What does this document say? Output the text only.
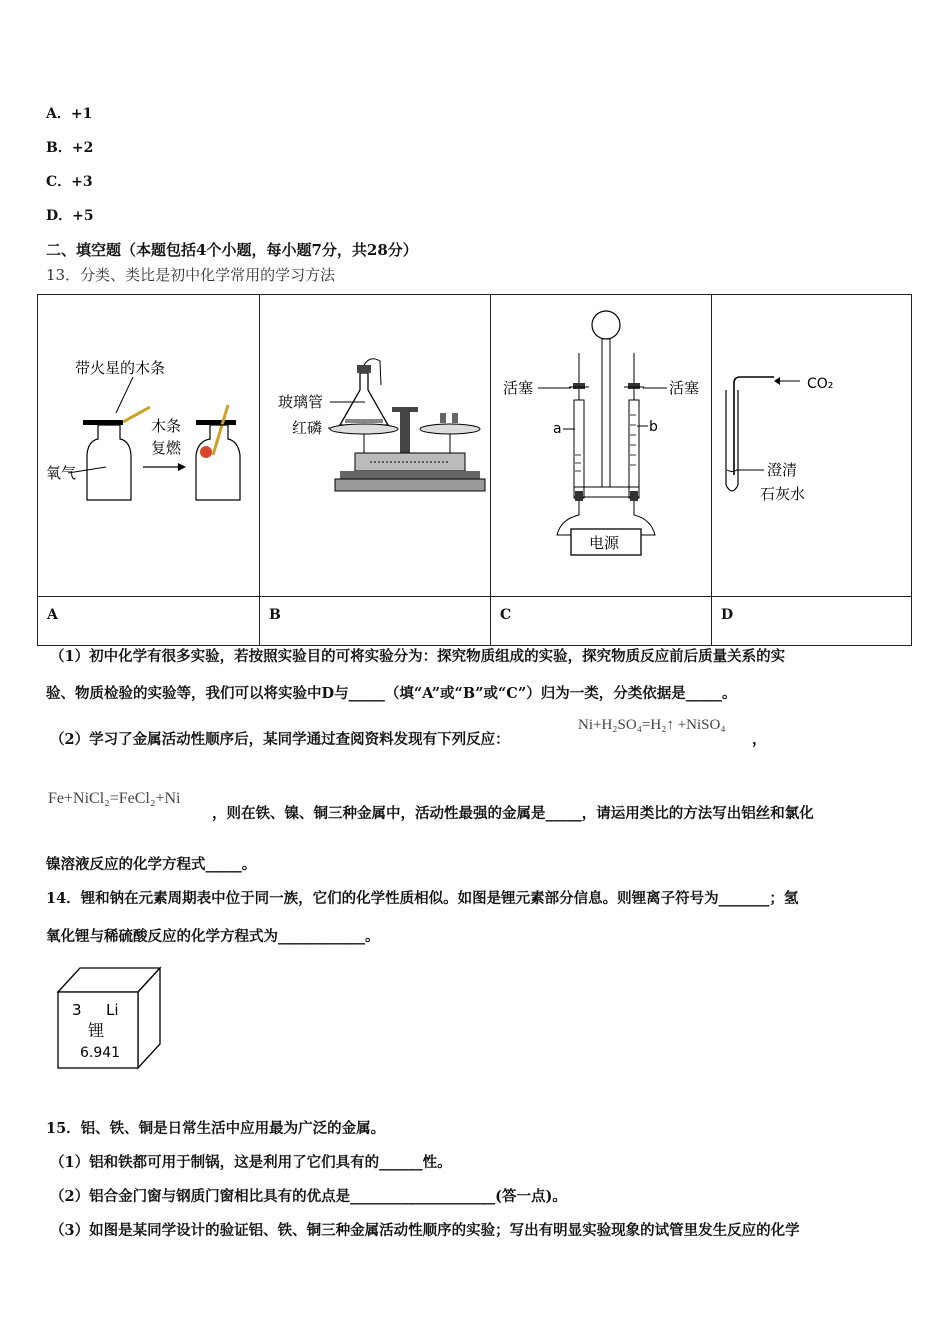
A．+1
B．+2
C．+3
D．+5
二、填空题（本题包括4个小题，每小题7分，共28分）
13．分类、类比是初中化学常用的学习方法
带火星的木条
氧气
木条
复燃	玻璃管
红磷	活塞 活塞
a b
电源	CO₂
澄清
石灰水

A	B	C	D
（1）初中化学有很多实验，若按照实验目的可将实验分为：探究物质组成的实验，探究物质反应前后质量关系的实
验、物质检验的实验等，我们可以将实验中D与_____（填“A”或“B”或“C”）归为一类，分类依据是_____。
（2）学习了金属活动性顺序后，某同学通过查阅资料发现有下列反应：
Ni+H₂SO₄=H₂↑ +NiSO₄
，
Fe+NiCl₂=FeCl₂+Ni
，则在铁、镍、铜三种金属中，活动性最强的金属是_____，请运用类比的方法写出铝丝和氯化
镍溶液反应的化学方程式_____。
14．锂和钠在元素周期表中位于同一族，它们的化学性质相似。如图是锂元素部分信息。则锂离子符号为_______；氢
氧化锂与稀硫酸反应的化学方程式为____________。
3 Li
锂
6.941
15．铝、铁、铜是日常生活中应用最为广泛的金属。
（1）铝和铁都可用于制锅，这是利用了它们具有的______性。
（2）铝合金门窗与钢质门窗相比具有的优点是____________________(答一点)。
（3）如图是某同学设计的验证铝、铁、铜三种金属活动性顺序的实验；写出有明显实验现象的试管里发生反应的化学
